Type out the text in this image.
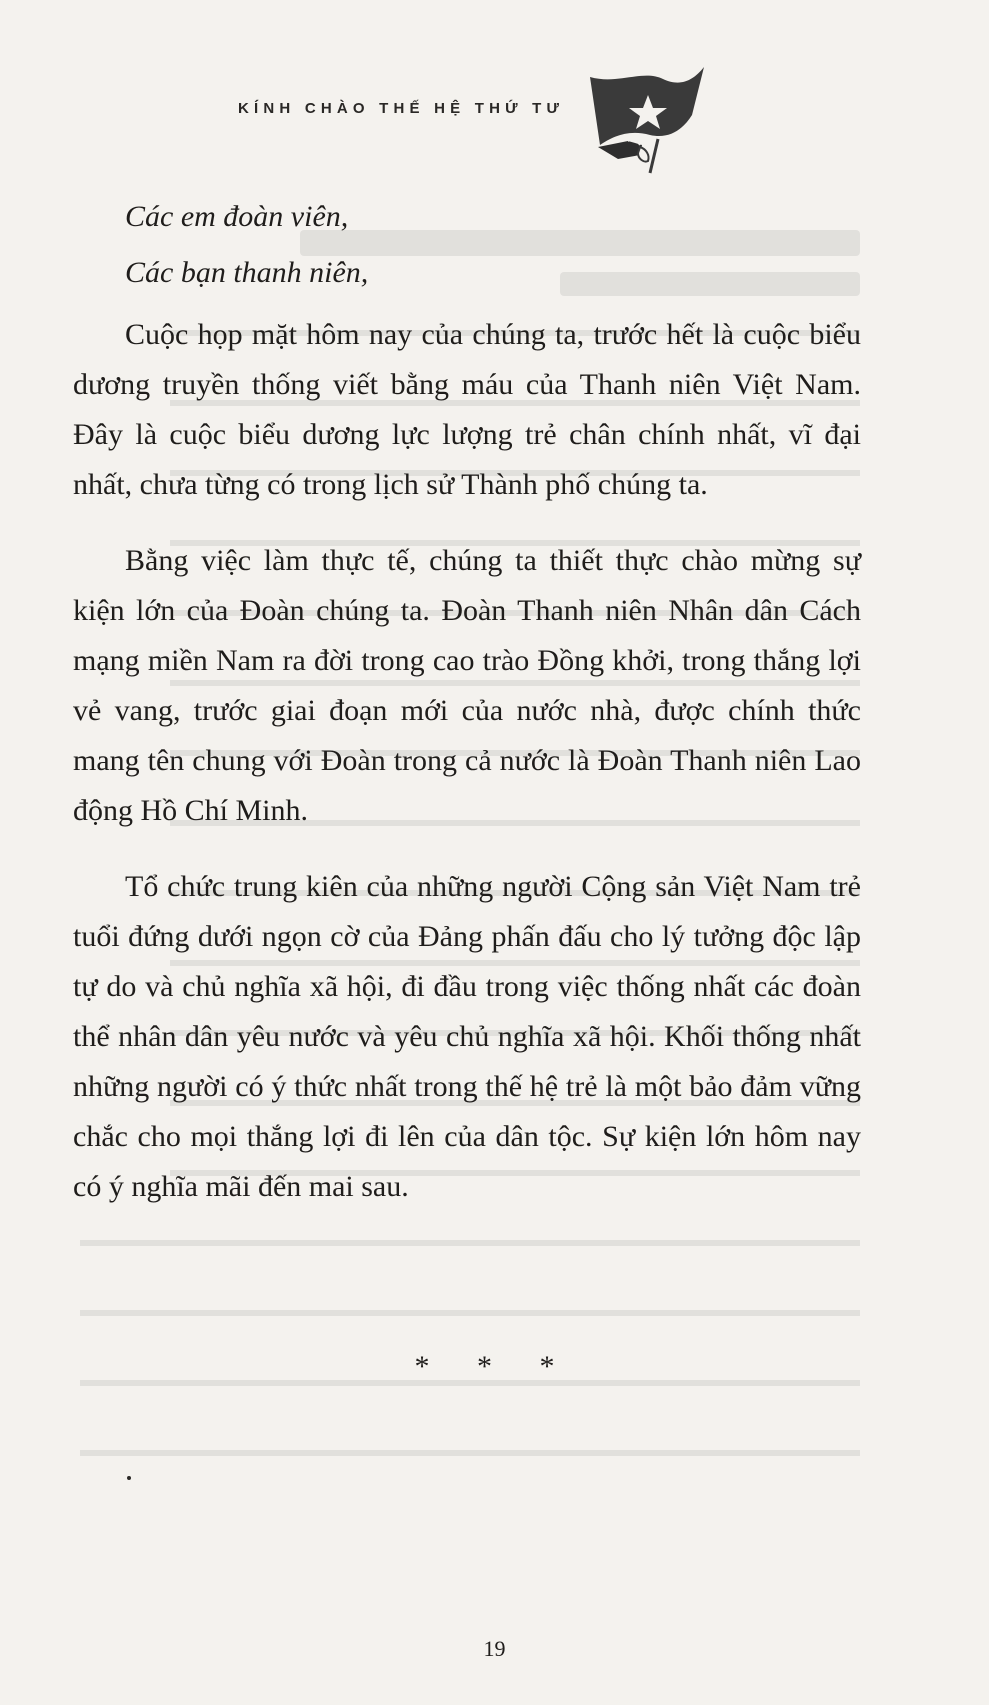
KÍNH CHÀO THẾ HỆ THỨ TƯ

Các em đoàn viên,

Các bạn thanh niên,

Cuộc họp mặt hôm nay của chúng ta, trước hết là cuộc biểu dương truyền thống viết bằng máu của Thanh niên Việt Nam. Đây là cuộc biểu dương lực lượng trẻ chân chính nhất, vĩ đại nhất, chưa từng có trong lịch sử Thành phố chúng ta.

Bằng việc làm thực tế, chúng ta thiết thực chào mừng sự kiện lớn của Đoàn chúng ta. Đoàn Thanh niên Nhân dân Cách mạng miền Nam ra đời trong cao trào Đồng khởi, trong thắng lợi vẻ vang, trước giai đoạn mới của nước nhà, được chính thức mang tên chung với Đoàn trong cả nước là Đoàn Thanh niên Lao động Hồ Chí Minh.

Tổ chức trung kiên của những người Cộng sản Việt Nam trẻ tuổi đứng dưới ngọn cờ của Đảng phấn đấu cho lý tưởng độc lập tự do và chủ nghĩa xã hội, đi đầu trong việc thống nhất các đoàn thể nhân dân yêu nước và yêu chủ nghĩa xã hội. Khối thống nhất những người có ý thức nhất trong thế hệ trẻ là một bảo đảm vững chắc cho mọi thắng lợi đi lên của dân tộc. Sự kiện lớn hôm nay có ý nghĩa mãi đến mai sau.

* * *
19
